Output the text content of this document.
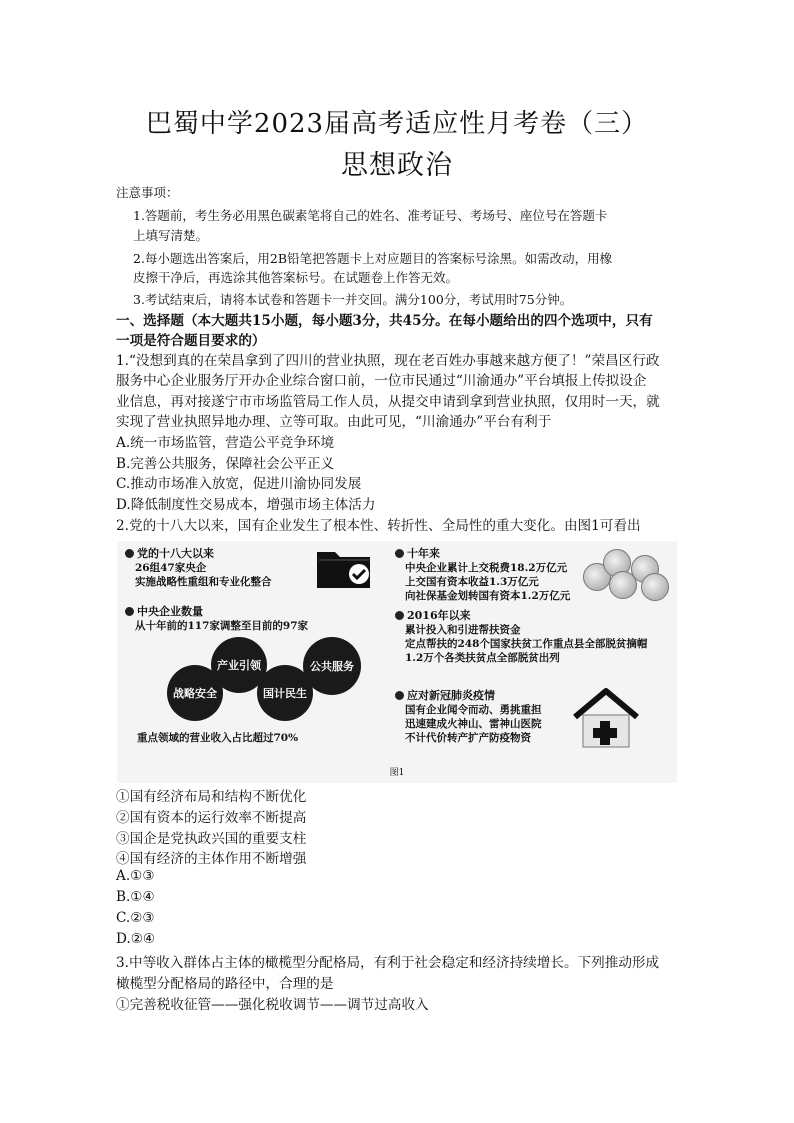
巴蜀中学2023届高考适应性月考卷（三）
思想政治
注意事项：
1.答题前，考生务必用黑色碳素笔将自己的姓名、准考证号、考场号、座位号在答题卡
上填写清楚。
2.每小题选出答案后，用2B铅笔把答题卡上对应题目的答案标号涂黑。如需改动，用橡
皮擦干净后，再选涂其他答案标号。在试题卷上作答无效。
3.考试结束后，请将本试卷和答题卡一并交回。满分100分，考试用时75分钟。
一、选择题（本大题共15小题，每小题3分，共45分。在每小题给出的四个选项中，只有
一项是符合题目要求的）
1.“没想到真的在荣昌拿到了四川的营业执照，现在老百姓办事越来越方便了！”荣昌区行政
服务中心企业服务厅开办企业综合窗口前，一位市民通过“川渝通办”平台填报上传拟设企
业信息，再对接遂宁市市场监管局工作人员，从提交申请到拿到营业执照，仅用时一天，就
实现了营业执照异地办理、立等可取。由此可见，“川渝通办”平台有利于
A.统一市场监管，营造公平竞争环境
B.完善公共服务，保障社会公平正义
C.推动市场准入放宽，促进川渝协同发展
D.降低制度性交易成本，增强市场主体活力
2.党的十八大以来，国有企业发生了根本性、转折性、全局性的重大变化。由图1可看出
党的十八大以来
26组47家央企
实施战略性重组和专业化整合
十年来
中央企业累计上交税费18.2万亿元
上交国有资本收益1.3万亿元
向社保基金划转国有资本1.2万亿元
中央企业数量
从十年前的117家调整至目前的97家
战略安全
产业引领
国计民生
公共服务
重点领域的营业收入占比超过70%
2016年以来
累计投入和引进帮扶资金
定点帮扶的248个国家扶贫工作重点县全部脱贫摘帽
1.2万个各类扶贫点全部脱贫出列
应对新冠肺炎疫情
国有企业闻令而动、勇挑重担
迅速建成火神山、雷神山医院
不计代价转产扩产防疫物资
图1
①国有经济布局和结构不断优化
②国有资本的运行效率不断提高
③国企是党执政兴国的重要支柱
④国有经济的主体作用不断增强
A.①③
B.①④
C.②③
D.②④
3.中等收入群体占主体的橄榄型分配格局，有利于社会稳定和经济持续增长。下列推动形成
橄榄型分配格局的路径中，合理的是
①完善税收征管——强化税收调节——调节过高收入
